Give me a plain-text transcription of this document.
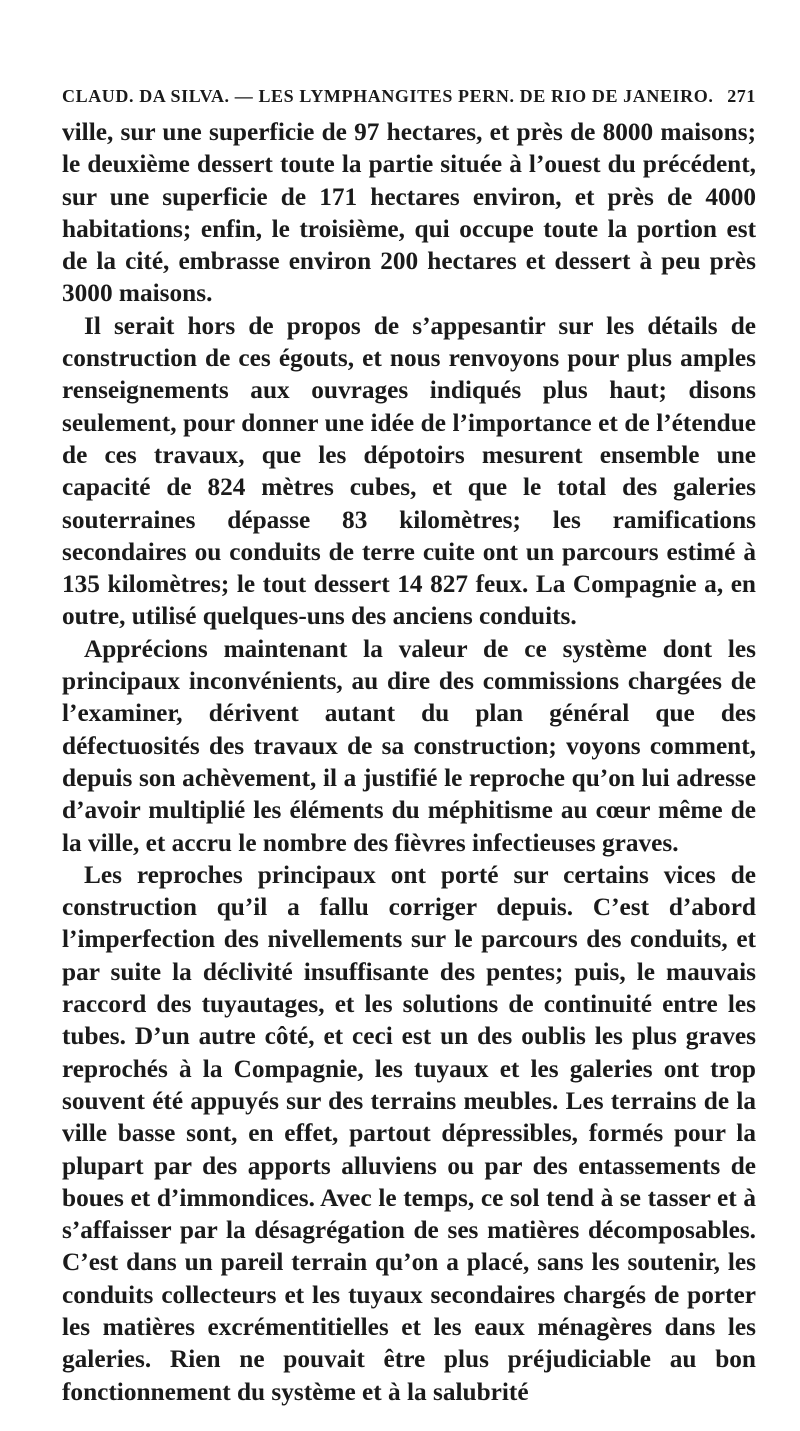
CLAUD. DA SILVA. — LES LYMPHANGITES PERN. DE RIO DE JANEIRO. 271

ville, sur une superficie de 97 hectares, et près de 8000 maisons; le deuxième dessert toute la partie située à l’ouest du précédent, sur une superficie de 171 hectares environ, et près de 4000 habitations; enfin, le troisième, qui occupe toute la portion est de la cité, embrasse environ 200 hectares et dessert à peu près 3000 maisons.

Il serait hors de propos de s’appesantir sur les détails de construction de ces égouts, et nous renvoyons pour plus amples renseignements aux ouvrages indiqués plus haut; disons seulement, pour donner une idée de l’importance et de l’étendue de ces travaux, que les dépotoirs mesurent ensemble une capacité de 824 mètres cubes, et que le total des galeries souterraines dépasse 83 kilomètres; les ramifications secondaires ou conduits de terre cuite ont un parcours estimé à 135 kilomètres; le tout dessert 14 827 feux. La Compagnie a, en outre, utilisé quelques-uns des anciens conduits.

Apprécions maintenant la valeur de ce système dont les principaux inconvénients, au dire des commissions chargées de l’examiner, dérivent autant du plan général que des défectuosités des travaux de sa construction; voyons comment, depuis son achèvement, il a justifié le reproche qu’on lui adresse d’avoir multiplié les éléments du méphitisme au cœur même de la ville, et accru le nombre des fièvres infectieuses graves.

Les reproches principaux ont porté sur certains vices de construction qu’il a fallu corriger depuis. C’est d’abord l’imperfection des nivellements sur le parcours des conduits, et par suite la déclivité insuffisante des pentes; puis, le mauvais raccord des tuyautages, et les solutions de continuité entre les tubes. D’un autre côté, et ceci est un des oublis les plus graves reprochés à la Compagnie, les tuyaux et les galeries ont trop souvent été appuyés sur des terrains meubles. Les terrains de la ville basse sont, en effet, partout dépressibles, formés pour la plupart par des apports alluviens ou par des entassements de boues et d’immondices. Avec le temps, ce sol tend à se tasser et à s’affaisser par la désagrégation de ses matières décomposables. C’est dans un pareil terrain qu’on a placé, sans les soutenir, les conduits collecteurs et les tuyaux secondaires chargés de porter les matières excrémentitielles et les eaux ménagères dans les galeries. Rien ne pouvait être plus préjudiciable au bon fonctionnement du système et à la salubrité
